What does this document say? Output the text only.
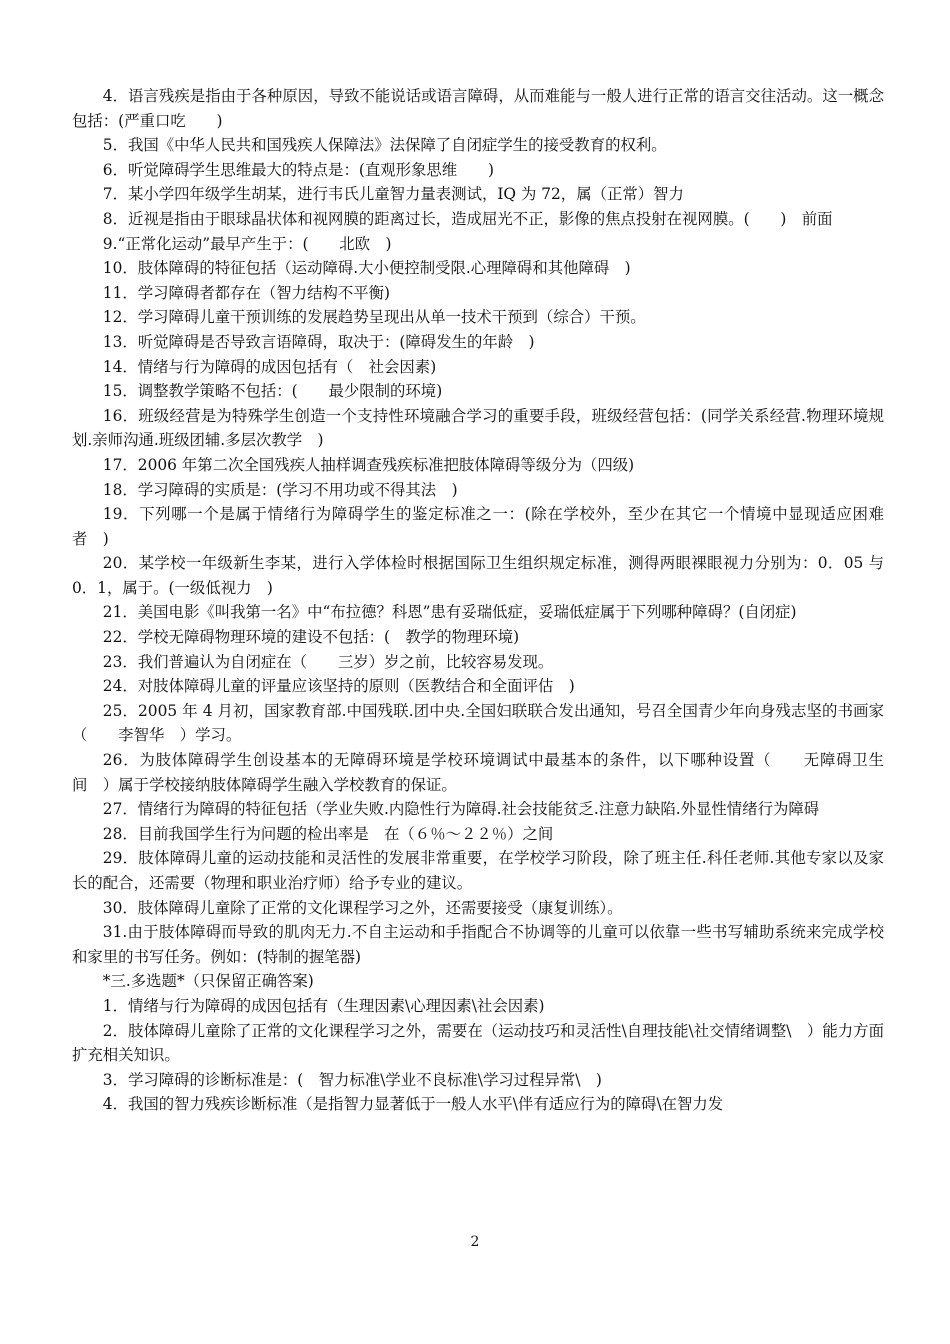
4．语言残疾是指由于各种原因，导致不能说话或语言障碍，从而难能与一般人进行正常的语言交往活动。这一概念包括：(严重口吃　　)

5．我国《中华人民共和国残疾人保障法》法保障了自闭症学生的接受教育的权利。

6．听觉障碍学生思维最大的特点是：(直观形象思维　　)

7．某小学四年级学生胡某，进行韦氏儿童智力量表测试，IQ 为 72，属（正常）智力

8．近视是指由于眼球晶状体和视网膜的距离过长，造成屈光不正，影像的焦点投射在视网膜。(　　)　前面

9.“正常化运动”最早产生于：(　　北欧　)

10．肢体障碍的特征包括（运动障碍.大小便控制受限.心理障碍和其他障碍　)

11．学习障碍者都存在（智力结构不平衡)

12．学习障碍儿童干预训练的发展趋势呈现出从单一技术干预到（综合）干预。

13．听觉障碍是否导致言语障碍，取决于：(障碍发生的年龄　)

14．情绪与行为障碍的成因包括有（　社会因素)

15．调整教学策略不包括：(　　最少限制的环境)

16．班级经营是为特殊学生创造一个支持性环境融合学习的重要手段，班级经营包括：(同学关系经营.物理环境规划.亲师沟通.班级团辅.多层次教学　)

17．2006 年第二次全国残疾人抽样调查残疾标准把肢体障碍等级分为（四级)

18．学习障碍的实质是：(学习不用功或不得其法　)

19．下列哪一个是属于情绪行为障碍学生的鉴定标准之一：(除在学校外，至少在其它一个情境中显现适应困难者　)

20．某学校一年级新生李某，进行入学体检时根据国际卫生组织规定标准，测得两眼裸眼视力分别为：0．05 与 0．1，属于。(一级低视力　)

21．美国电影《叫我第一名》中“布拉德？科恩”患有妥瑞低症，妥瑞低症属于下列哪种障碍？(自闭症)

22．学校无障碍物理环境的建设不包括：(　教学的物理环境)

23．我们普遍认为自闭症在（　　三岁）岁之前，比较容易发现。

24．对肢体障碍儿童的评量应该坚持的原则（医教结合和全面评估　)

25．2005 年 4 月初，国家教育部.中国残联.团中央.全国妇联联合发出通知，号召全国青少年向身残志坚的书画家（　　李智华　）学习。

26．为肢体障碍学生创设基本的无障碍环境是学校环境调试中最基本的条件，以下哪种设置（　　无障碍卫生间　）属于学校接纳肢体障碍学生融入学校教育的保证。

27．情绪行为障碍的特征包括（学业失败.内隐性行为障碍.社会技能贫乏.注意力缺陷.外显性情绪行为障碍　　

28．目前我国学生行为问题的检出率是　在（６％～２２％）之间

29．肢体障碍儿童的运动技能和灵活性的发展非常重要，在学校学习阶段，除了班主任.科任老师.其他专家以及家长的配合，还需要（物理和职业治疗师）给予专业的建议。

30．肢体障碍儿童除了正常的文化课程学习之外，还需要接受（康复训练）。

31.由于肢体障碍而导致的肌肉无力.不自主运动和手指配合不协调等的儿童可以依靠一些书写辅助系统来完成学校和家里的书写任务。例如：(特制的握笔器)

*三.多选题*（只保留正确答案)

1．情绪与行为障碍的成因包括有（生理因素\心理因素\社会因素)

2．肢体障碍儿童除了正常的文化课程学习之外，需要在（运动技巧和灵活性\自理技能\社交情绪调整\　）能力方面扩充相关知识。

3．学习障碍的诊断标准是：(　智力标准\学业不良标准\学习过程异常\　)

4．我国的智力残疾诊断标准（是指智力显著低于一般人水平\伴有适应行为的障碍\在智力发

2
